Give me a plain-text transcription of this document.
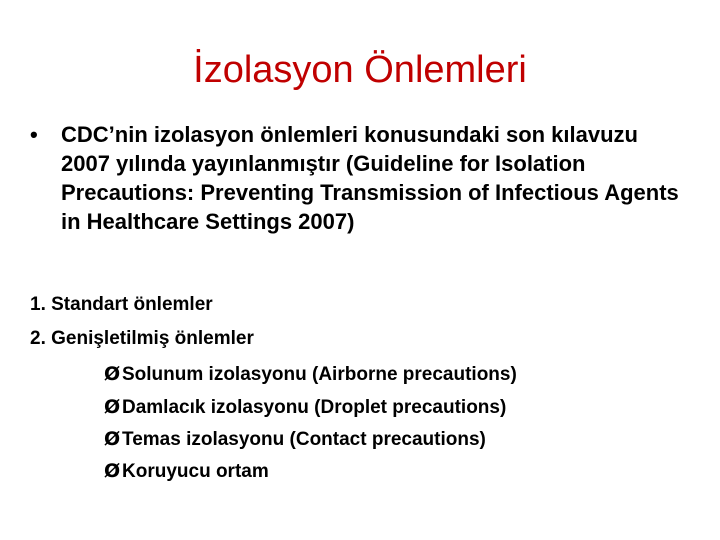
İzolasyon Önlemleri
•	CDC’nin izolasyon önlemleri konusundaki son kılavuzu 2007 yılında yayınlanmıştır (Guideline for Isolation Precautions: Preventing Transmission of Infectious Agents in Healthcare Settings 2007)
1. Standart önlemler
2. Genişletilmiş önlemler
ØSolunum izolasyonu (Airborne precautions)
ØDamlacık izolasyonu (Droplet precautions)
ØTemas izolasyonu (Contact precautions)
ØKoruyucu ortam
